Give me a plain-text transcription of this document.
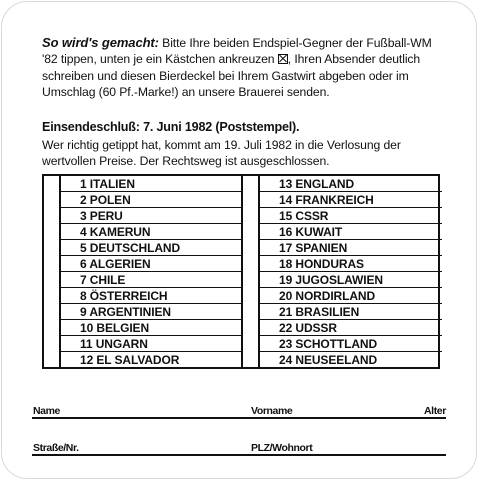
So wird's gemacht: Bitte Ihre beiden Endspiel-Gegner der Fußball-WM '82 tippen, unten je ein Kästchen ankreuzen ☒, Ihren Absender deutlich schreiben und diesen Bierdeckel bei Ihrem Gastwirt abgeben oder im Umschlag (60 Pf.-Marke!) an unsere Brauerei senden.
Einsendeschluß: 7. Juni 1982 (Poststempel).
Wer richtig getippt hat, kommt am 19. Juli 1982 in die Verlosung der wertvollen Preise. Der Rechtsweg ist ausgeschlossen.
1 ITALIEN
2 POLEN
3 PERU
4 KAMERUN
5 DEUTSCHLAND
6 ALGERIEN
7 CHILE
8 ÖSTERREICH
9 ARGENTINIEN
10 BELGIEN
11 UNGARN
12 EL SALVADOR
13 ENGLAND
14 FRANKREICH
15 CSSR
16 KUWAIT
17 SPANIEN
18 HONDURAS
19 JUGOSLAWIEN
20 NORDIRLAND
21 BRASILIEN
22 UDSSR
23 SCHOTTLAND
24 NEUSEELAND
Name	Vorname	Alter
Straße/Nr.	PLZ/Wohnort
